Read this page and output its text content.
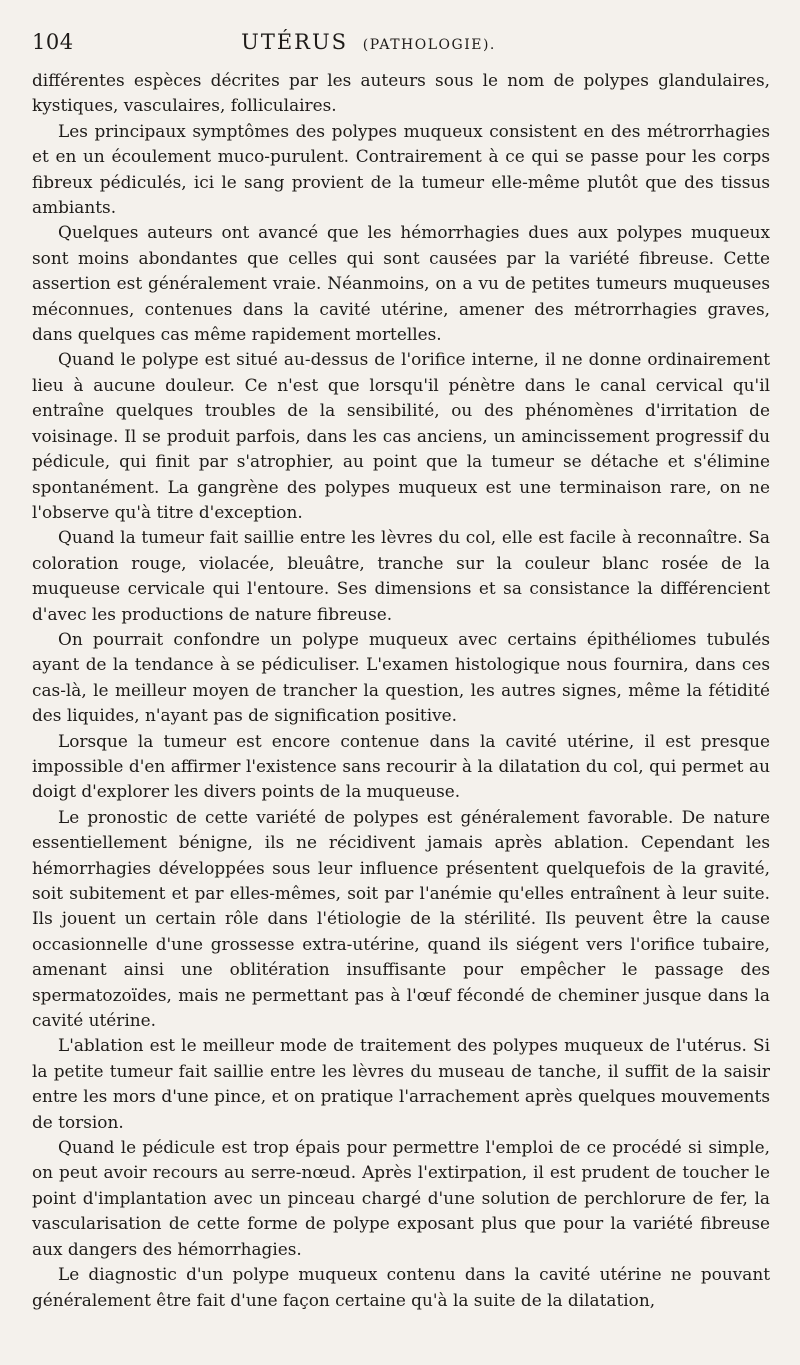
104	UTÉRUS (PATHOLOGIE).

différentes espèces décrites par les auteurs sous le nom de polypes glandulaires, kystiques, vasculaires, folliculaires.

Les principaux symptômes des polypes muqueux consistent en des métrorrhagies et en un écoulement muco-purulent. Contrairement à ce qui se passe pour les corps fibreux pédiculés, ici le sang provient de la tumeur elle-même plutôt que des tissus ambiants.

Quelques auteurs ont avancé que les hémorrhagies dues aux polypes muqueux sont moins abondantes que celles qui sont causées par la variété fibreuse. Cette assertion est généralement vraie. Néanmoins, on a vu de petites tumeurs muqueuses méconnues, contenues dans la cavité utérine, amener des métrorrhagies graves, dans quelques cas même rapidement mortelles.

Quand le polype est situé au-dessus de l'orifice interne, il ne donne ordinairement lieu à aucune douleur. Ce n'est que lorsqu'il pénètre dans le canal cervical qu'il entraîne quelques troubles de la sensibilité, ou des phénomènes d'irritation de voisinage. Il se produit parfois, dans les cas anciens, un amincissement progressif du pédicule, qui finit par s'atrophier, au point que la tumeur se détache et s'élimine spontanément. La gangrène des polypes muqueux est une terminaison rare, on ne l'observe qu'à titre d'exception.

Quand la tumeur fait saillie entre les lèvres du col, elle est facile à reconnaître. Sa coloration rouge, violacée, bleuâtre, tranche sur la couleur blanc rosée de la muqueuse cervicale qui l'entoure. Ses dimensions et sa consistance la différencient d'avec les productions de nature fibreuse.

On pourrait confondre un polype muqueux avec certains épithéliomes tubulés ayant de la tendance à se pédiculiser. L'examen histologique nous fournira, dans ces cas-là, le meilleur moyen de trancher la question, les autres signes, même la fétidité des liquides, n'ayant pas de signification positive.

Lorsque la tumeur est encore contenue dans la cavité utérine, il est presque impossible d'en affirmer l'existence sans recourir à la dilatation du col, qui permet au doigt d'explorer les divers points de la muqueuse.

Le pronostic de cette variété de polypes est généralement favorable. De nature essentiellement bénigne, ils ne récidivent jamais après ablation. Cependant les hémorrhagies développées sous leur influence présentent quelquefois de la gravité, soit subitement et par elles-mêmes, soit par l'anémie qu'elles entraînent à leur suite. Ils jouent un certain rôle dans l'étiologie de la stérilité. Ils peuvent être la cause occasionnelle d'une grossesse extra-utérine, quand ils siégent vers l'orifice tubaire, amenant ainsi une oblitération insuffisante pour empêcher le passage des spermatozoïdes, mais ne permettant pas à l'œuf fécondé de cheminer jusque dans la cavité utérine.

L'ablation est le meilleur mode de traitement des polypes muqueux de l'utérus. Si la petite tumeur fait saillie entre les lèvres du museau de tanche, il suffit de la saisir entre les mors d'une pince, et on pratique l'arrachement après quelques mouvements de torsion.

Quand le pédicule est trop épais pour permettre l'emploi de ce procédé si simple, on peut avoir recours au serre-nœud. Après l'extirpation, il est prudent de toucher le point d'implantation avec un pinceau chargé d'une solution de perchlorure de fer, la vascularisation de cette forme de polype exposant plus que pour la variété fibreuse aux dangers des hémorrhagies.

Le diagnostic d'un polype muqueux contenu dans la cavité utérine ne pouvant généralement être fait d'une façon certaine qu'à la suite de la dilatation,
